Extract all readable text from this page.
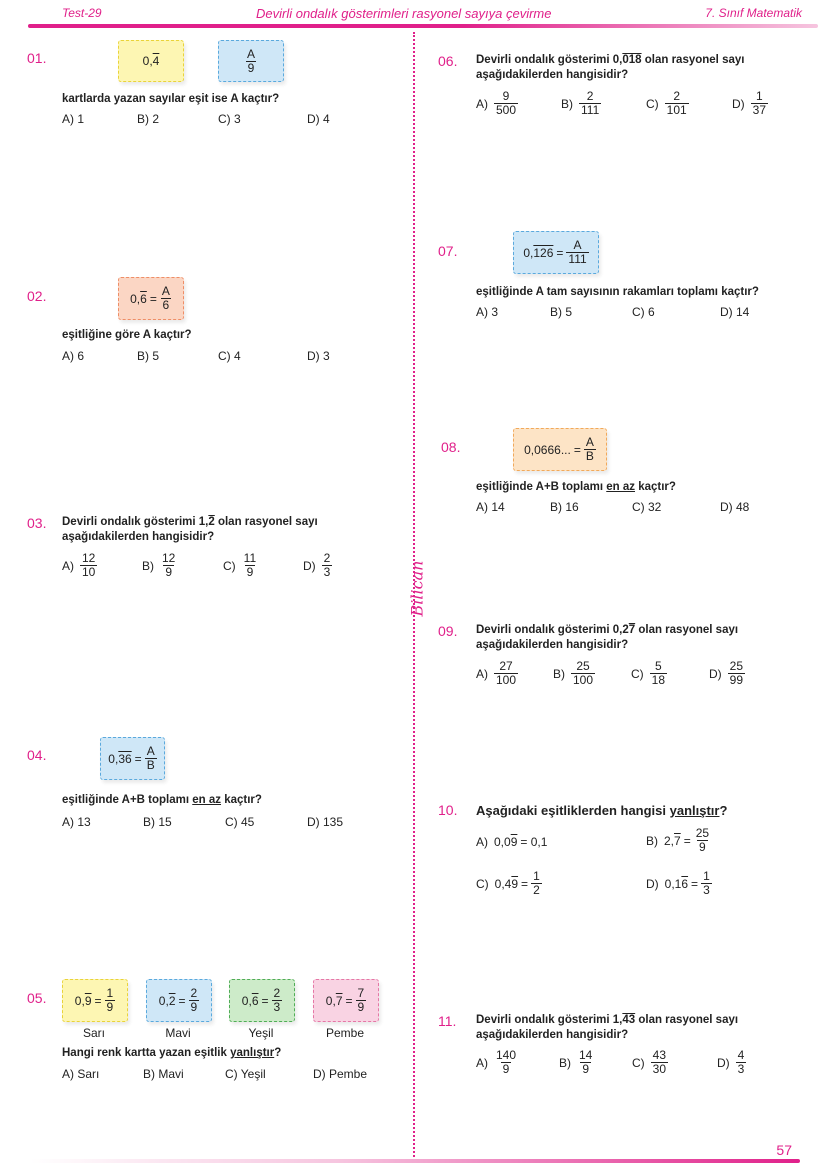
Test-29	Devirli ondalık gösterimleri rasyonel sayıya çevirme	7. Sınıf Matematik
Bilican
01.	0, 4	$\frac{A}{9}$
kartlarda yazan sayılar eşit ise A kaçtır?
A) 1	B) 2	C) 3	D) 4
02.	0, $6 = \frac{A}{6}$
eşitliğine göre A kaçtır?
A) 6	B) 5	C) 4	D) 3
03. Devirli ondalık gösterimi 1,2 olan rasyonel sayı
aşağıdakilerden hangisidir?
$A) \frac{12}{10}$	$B) \frac{12}{9}$	$C) \frac{11}{9}$	$D) \frac{2}{3}$
04.	0, $36 = \frac{A}{B}$
eşitliğinde A+B toplamı en az kaçtır?
A) 13	B) 15	C) 45	D) 135
05. 0, $9 = \frac{1}{9}$	0, $2 = \frac{2}{9}$	0, $6 = \frac{2}{3}$	0, $7 = \frac{7}{9}$
Sarı	Mavi	Yeşil	Pembe
Hangi renk kartta yazan eşitlik yanlıştır?
A) Sarı	B) Mavi	C) Yeşil	D) Pembe
06. Devirli ondalık gösterimi 0,018 olan rasyonel sayı
aşağıdakilerden hangisidir?
$A) \frac{9}{500}$	$B) \frac{2}{111}$	$C) \frac{2}{101}$	$D) \frac{1}{37}$
07.	0, $126 = \frac{A}{111}$
eşitliğinde A tam sayısının rakamları toplamı kaçtır?
A) 3	B) 5	C) 6	D) 14
08.	0,0666... = $\frac{A}{B}$
eşitliğinde A+B toplamı en az kaçtır?
A) 14	B) 16	C) 32	D) 48
09. Devirli ondalık gösterimi 0,27 olan rasyonel sayı
aşağıdakilerden hangisidir?
$A) \frac{27}{100}$	$B) \frac{25}{100}$	$C) \frac{5}{18}$	$D) \frac{25}{99}$
10. Aşağıdaki eşitliklerden hangisi yanlıştır?
A) 0,0 9 = 0,1	B) 2, $7 = \frac{25}{9}$
C) 0,4 $9 = \frac{1}{2}$	D) 0,1 $6 = \frac{1}{3}$
11. Devirli ondalık gösterimi 1,43 olan rasyonel sayı
aşağıdakilerden hangisidir?
$A) \frac{140}{9}$	$B) \frac{14}{9}$	$C) \frac{43}{30}$	$D) \frac{4}{3}$
57
